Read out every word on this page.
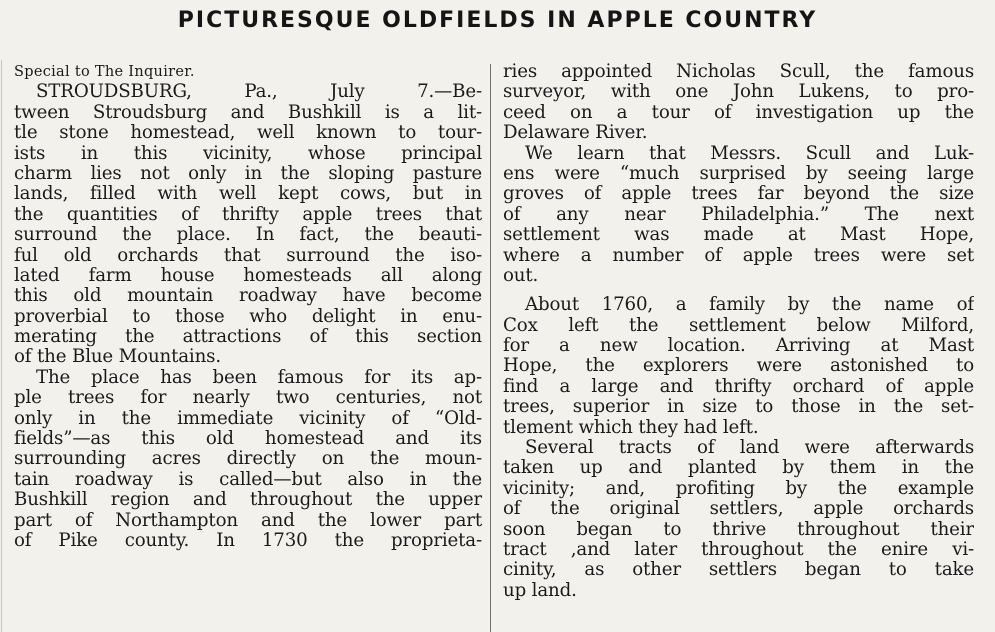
PICTURESQUE OLDFIELDS IN APPLE COUNTRY
Special to The Inquirer.
STROUDSBURG, Pa., July 7.—Be-
tween Stroudsburg and Bushkill is a lit-
tle stone homestead, well known to tour-
ists in this vicinity, whose principal
charm lies not only in the sloping pasture
lands, filled with well kept cows, but in
the quantities of thrifty apple trees that
surround the place. In fact, the beauti-
ful old orchards that surround the iso-
lated farm house homesteads all along
this old mountain roadway have become
proverbial to those who delight in enu-
merating the attractions of this section
of the Blue Mountains.
The place has been famous for its ap-
ple trees for nearly two centuries, not
only in the immediate vicinity of “Old-
fields”—as this old homestead and its
surrounding acres directly on the moun-
tain roadway is called—but also in the
Bushkill region and throughout the upper
part of Northampton and the lower part
of Pike county. In 1730 the proprieta-
ries appointed Nicholas Scull, the famous
surveyor, with one John Lukens, to pro-
ceed on a tour of investigation up the
Delaware River.
We learn that Messrs. Scull and Luk-
ens were “much surprised by seeing large
groves of apple trees far beyond the size
of any near Philadelphia.” The next
settlement was made at Mast Hope,
where a number of apple trees were set
out.
About 1760, a family by the name of
Cox left the settlement below Milford,
for a new location. Arriving at Mast
Hope, the explorers were astonished to
find a large and thrifty orchard of apple
trees, superior in size to those in the set-
tlement which they had left.
Several tracts of land were afterwards
taken up and planted by them in the
vicinity; and, profiting by the example
of the original settlers, apple orchards
soon began to thrive throughout their
tract ,and later throughout the enire vi-
cinity, as other settlers began to take
up land.
